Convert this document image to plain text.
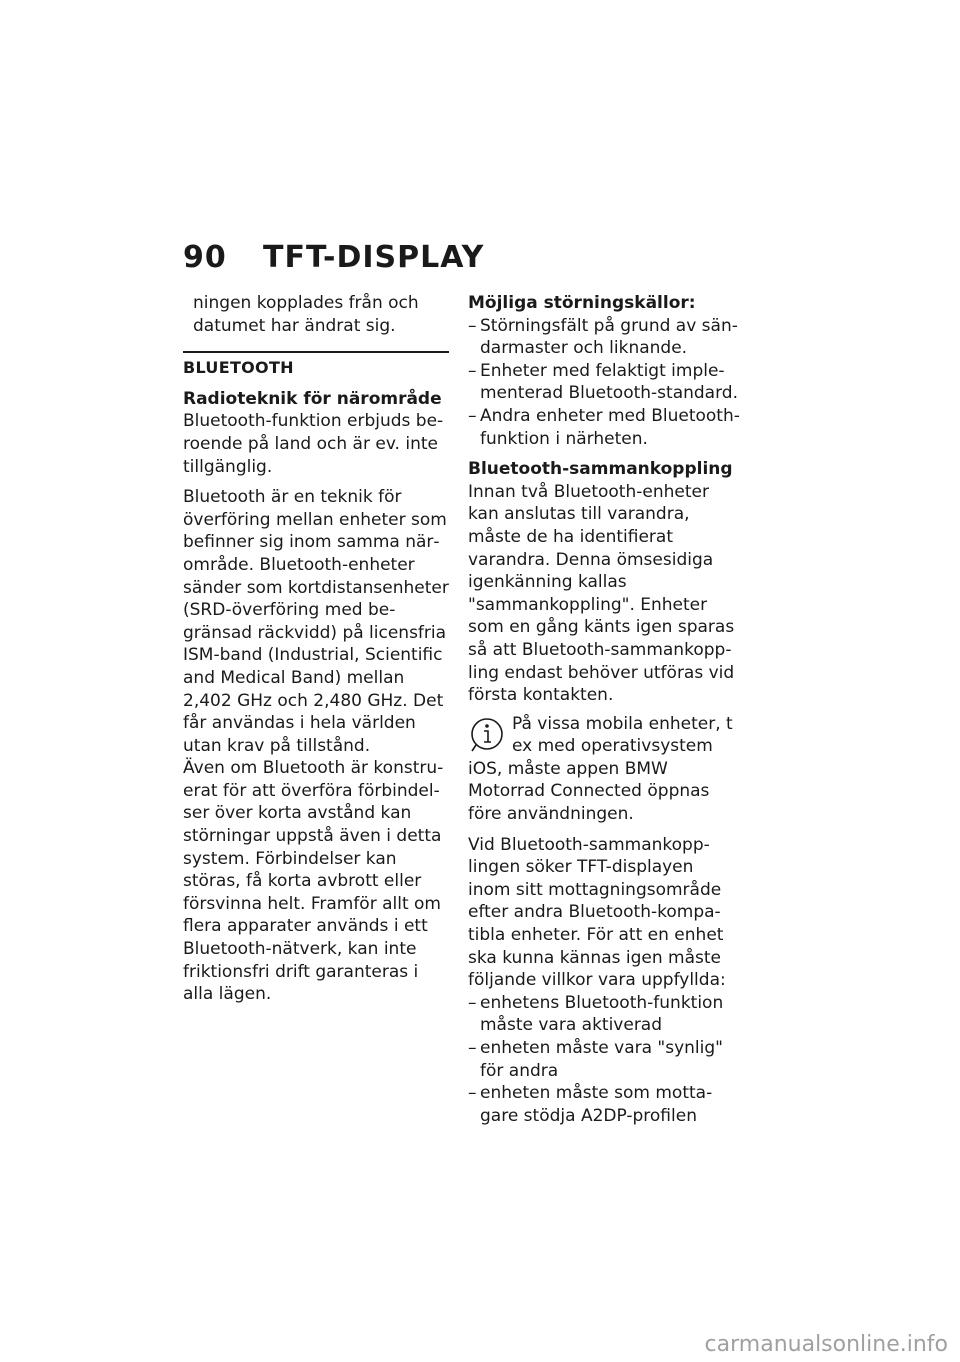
90	TFT-DISPLAY

ningen kopplades från och datumet har ändrat sig.

BLUETOOTH
Radioteknik för närområde

Bluetooth-funktion erbjuds beroende på land och är ev. inte tillgänglig.

Bluetooth är en teknik för överföring mellan enheter som befinner sig inom samma närområde. Bluetooth-enheter sänder som kortdistansenheter (SRD-överföring med begränsad räckvidd) på licensfria ISM-band (Industrial, Scientific and Medical Band) mellan 2,402 GHz och 2,480 GHz. Det får användas i hela världen utan krav på tillstånd.

Även om Bluetooth är konstruerat för att överföra förbindelser över korta avstånd kan störningar uppstå även i detta system. Förbindelser kan störas, få korta avbrott eller försvinna helt. Framför allt om flera apparater används i ett Bluetooth-nätverk, kan inte friktionsfri drift garanteras i alla lägen.

Möjliga störningskällor:
– Störningsfält på grund av sändarmaster och liknande.
– Enheter med felaktigt implementerad Bluetooth-standard.
– Andra enheter med Bluetooth-funktion i närheten.
Bluetooth-sammankoppling

Innan två Bluetooth-enheter kan anslutas till varandra, måste de ha identifierat varandra. Denna ömsesidiga igenkänning kallas "sammankoppling". Enheter som en gång känts igen sparas så att Bluetooth-sammankoppling endast behöver utföras vid första kontakten.

På vissa mobila enheter, t ex med operativsystem iOS, måste appen BMW Motorrad Connected öppnas före användningen.

Vid Bluetooth-sammankopplingen söker TFT-displayen inom sitt mottagningsområde efter andra Bluetooth-kompatibla enheter. För att en enhet ska kunna kännas igen måste följande villkor vara uppfyllda:

– enhetens Bluetooth-funktion måste vara aktiverad
– enheten måste vara "synlig" för andra
– enheten måste som mottagare stödja A2DP-profilen
carmanualsonline.info
